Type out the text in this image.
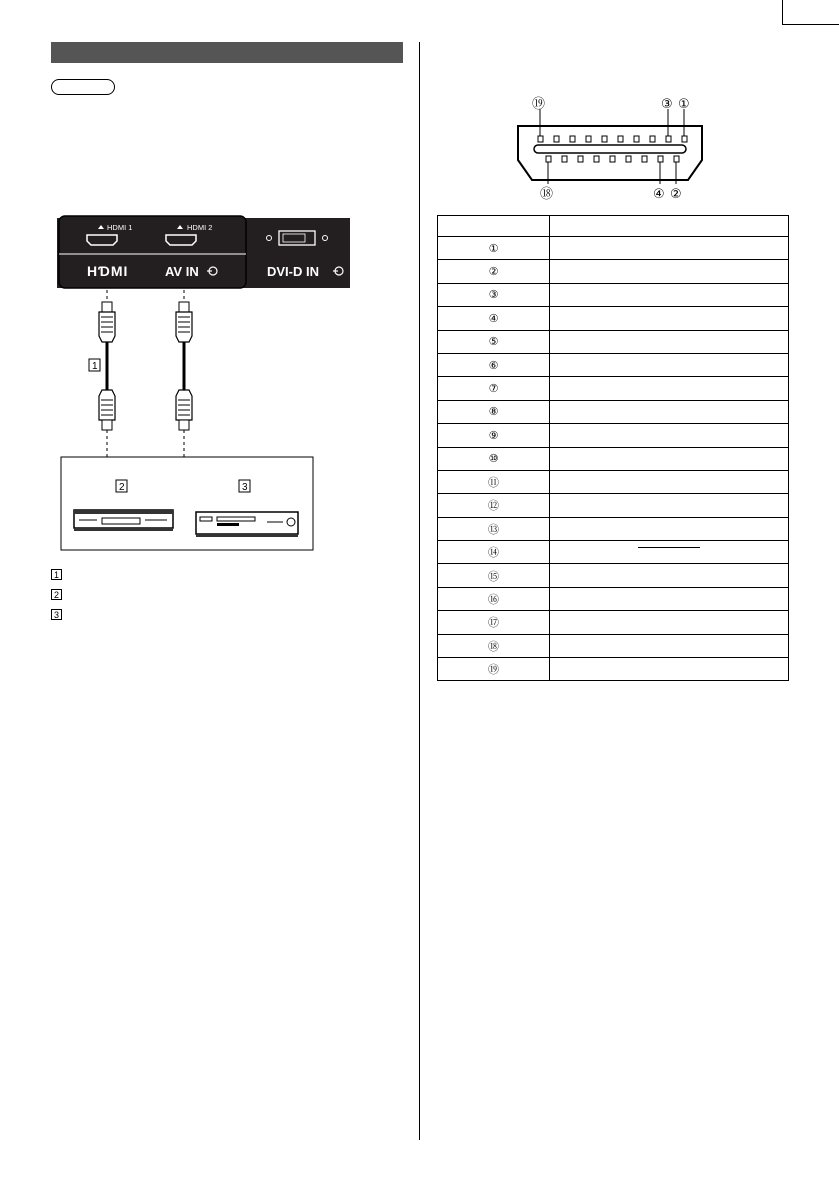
HDMI 1	HDMI 2
HƊMI	AV IN	DVI-D IN
1
2	3
1
2
3
⑲	③ ①
⑱	④ ②

①	
②	
③	
④	
⑤	
⑥	
⑦	
⑧	
⑨	
⑩	
⑪	
⑫	
⑬	
⑭	
⑮	
⑯	
⑰	
⑱	
⑲	
